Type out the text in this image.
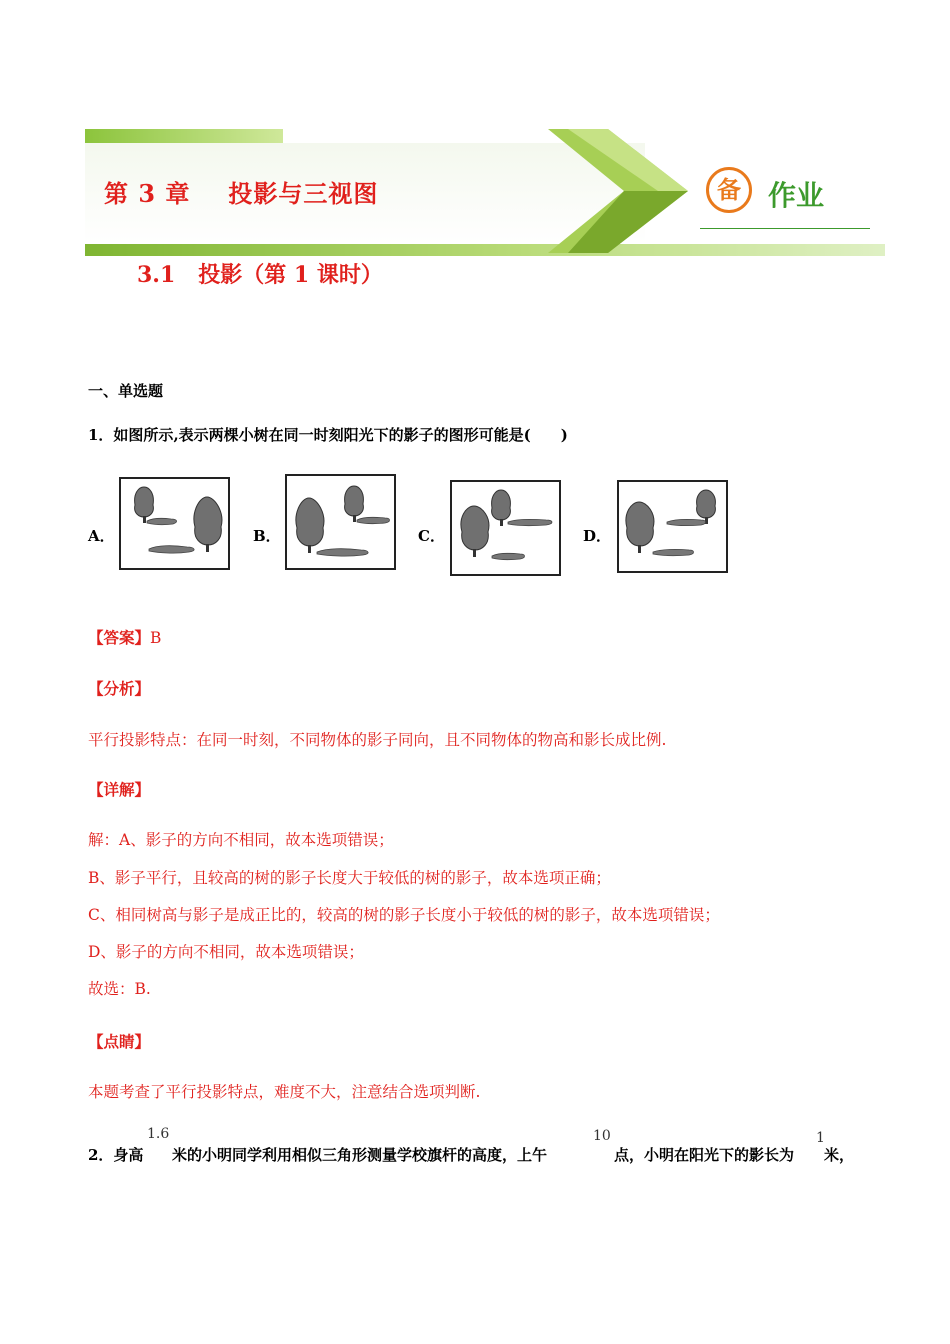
第 3 章 投影与三视图	备 作业
3.1   投影（第 1 课时）
一、单选题
1．如图所示,表示两棵小树在同一时刻阳光下的影子的图形可能是(　　)
A．	B．	C．	D．
【答案】B
【分析】
平行投影特点：在同一时刻，不同物体的影子同向，且不同物体的物高和影长成比例.
【详解】
解：A、影子的方向不相同，故本选项错误；
B、影子平行，且较高的树的影子长度大于较低的树的影子，故本选项正确；
C、相同树高与影子是成正比的，较高的树的影子长度小于较低的树的影子，故本选项错误；
D、影子的方向不相同，故本选项错误；
故选：B.
【点睛】
本题考查了平行投影特点，难度不大，注意结合选项判断.
2．身高
1.6
米的小明同学利用相似三角形测量学校旗杆的高度，上午
10
点，小明在阳光下的影长为
1
米，
